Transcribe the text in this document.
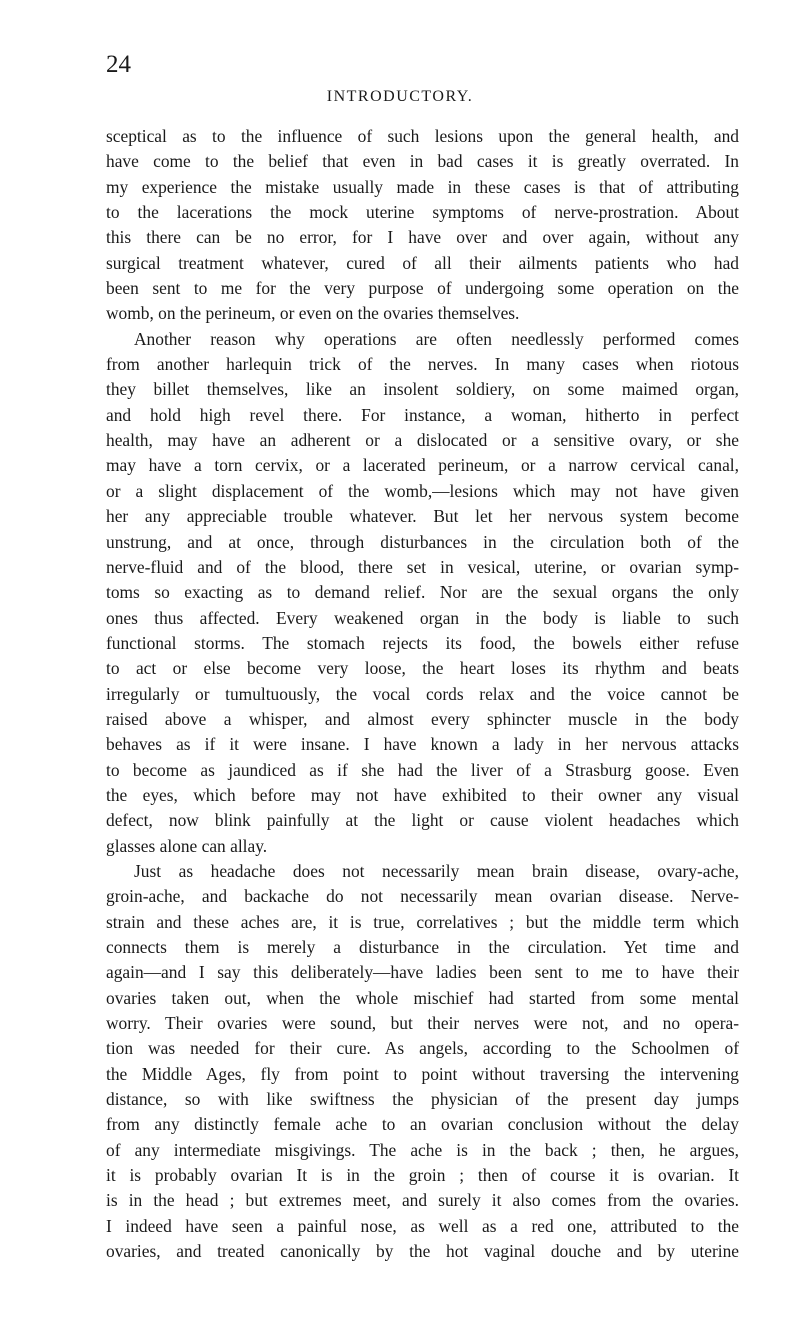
24
INTRODUCTORY.
sceptical as to the influence of such lesions upon the general health, and
have come to the belief that even in bad cases it is greatly overrated. In
my experience the mistake usually made in these cases is that of attributing
to the lacerations the mock uterine symptoms of nerve-prostration. About
this there can be no error, for I have over and over again, without any
surgical treatment whatever, cured of all their ailments patients who had
been sent to me for the very purpose of undergoing some operation on the
womb, on the perineum, or even on the ovaries themselves.
Another reason why operations are often needlessly performed comes
from another harlequin trick of the nerves. In many cases when riotous
they billet themselves, like an insolent soldiery, on some maimed organ,
and hold high revel there. For instance, a woman, hitherto in perfect
health, may have an adherent or a dislocated or a sensitive ovary, or she
may have a torn cervix, or a lacerated perineum, or a narrow cervical canal,
or a slight displacement of the womb,—lesions which may not have given
her any appreciable trouble whatever. But let her nervous system become
unstrung, and at once, through disturbances in the circulation both of the
nerve-fluid and of the blood, there set in vesical, uterine, or ovarian symp-
toms so exacting as to demand relief. Nor are the sexual organs the only
ones thus affected. Every weakened organ in the body is liable to such
functional storms. The stomach rejects its food, the bowels either refuse
to act or else become very loose, the heart loses its rhythm and beats
irregularly or tumultuously, the vocal cords relax and the voice cannot be
raised above a whisper, and almost every sphincter muscle in the body
behaves as if it were insane. I have known a lady in her nervous attacks
to become as jaundiced as if she had the liver of a Strasburg goose. Even
the eyes, which before may not have exhibited to their owner any visual
defect, now blink painfully at the light or cause violent headaches which
glasses alone can allay.
Just as headache does not necessarily mean brain disease, ovary-ache,
groin-ache, and backache do not necessarily mean ovarian disease. Nerve-
strain and these aches are, it is true, correlatives ; but the middle term which
connects them is merely a disturbance in the circulation. Yet time and
again—and I say this deliberately—have ladies been sent to me to have their
ovaries taken out, when the whole mischief had started from some mental
worry. Their ovaries were sound, but their nerves were not, and no opera-
tion was needed for their cure. As angels, according to the Schoolmen of
the Middle Ages, fly from point to point without traversing the intervening
distance, so with like swiftness the physician of the present day jumps
from any distinctly female ache to an ovarian conclusion without the delay
of any intermediate misgivings. The ache is in the back ; then, he argues,
it is probably ovarian It is in the groin ; then of course it is ovarian. It
is in the head ; but extremes meet, and surely it also comes from the ovaries.
I indeed have seen a painful nose, as well as a red one, attributed to the
ovaries, and treated canonically by the hot vaginal douche and by uterine
